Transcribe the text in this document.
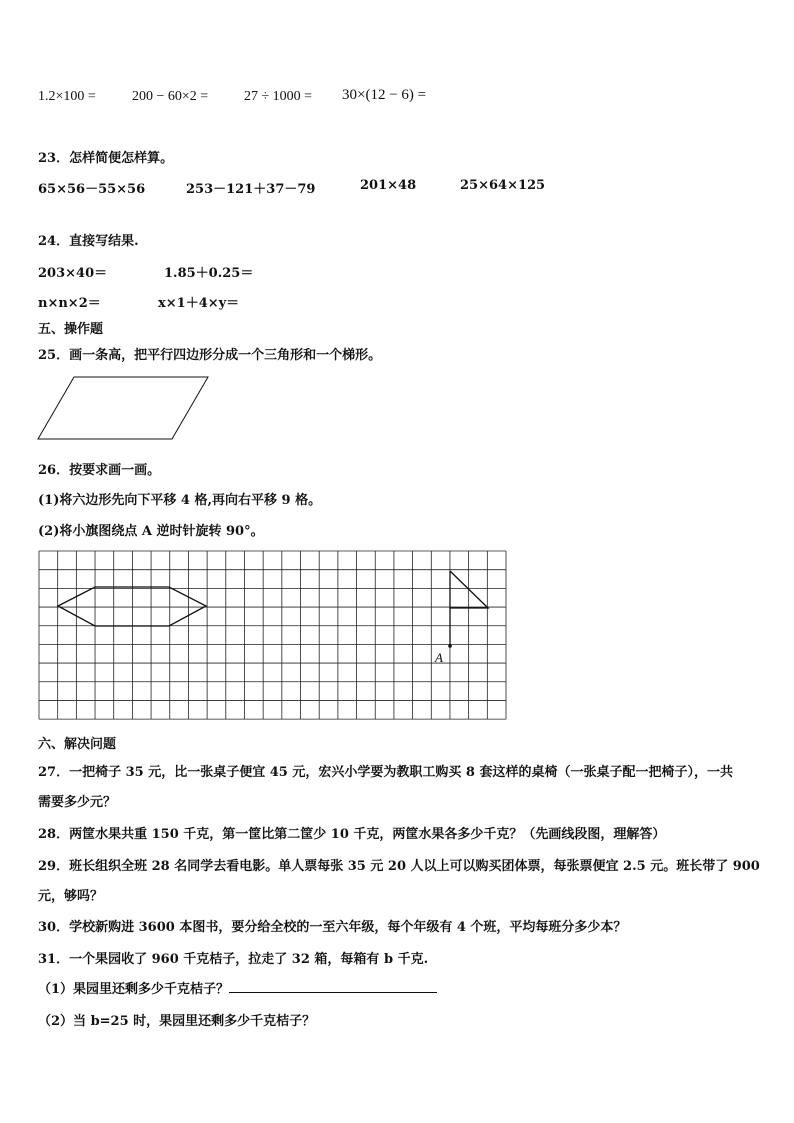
1.2×100 =	200 − 60×2 =	27 ÷ 1000 = 30×(12 − 6) =
23．怎样简便怎样算。
65×56－55×56	253－121＋37－79	201×48	25×64×125
24．直接写结果.
203×40＝	1.85＋0.25＝
n×n×2＝	x×1＋4×y＝
五、操作题
25．画一条高，把平行四边形分成一个三角形和一个梯形。
26．按要求画一画。
(1)将六边形先向下平移 4 格,再向右平移 9 格。
(2)将小旗图绕点 A 逆时针旋转 90°。
A
六、解决问题
27．一把椅子 35 元，比一张桌子便宜 45 元，宏兴小学要为教职工购买 8 套这样的桌椅（一张桌子配一把椅子），一共
需要多少元？
28．两筐水果共重 150 千克，第一筐比第二筐少 10 千克，两筐水果各多少千克？（先画线段图，理解答）
29．班长组织全班 28 名同学去看电影。单人票每张 35 元 20 人以上可以购买团体票，每张票便宜 2.5 元。班长带了 900
元，够吗？
30．学校新购进 3600 本图书，要分给全校的一至六年级，每个年级有 4 个班，平均每班分多少本？
31．一个果园收了 960 千克桔子，拉走了 32 箱，每箱有 b 千克.
（1）果园里还剩多少千克桔子？
（2）当 b=25 时，果园里还剩多少千克桔子？
